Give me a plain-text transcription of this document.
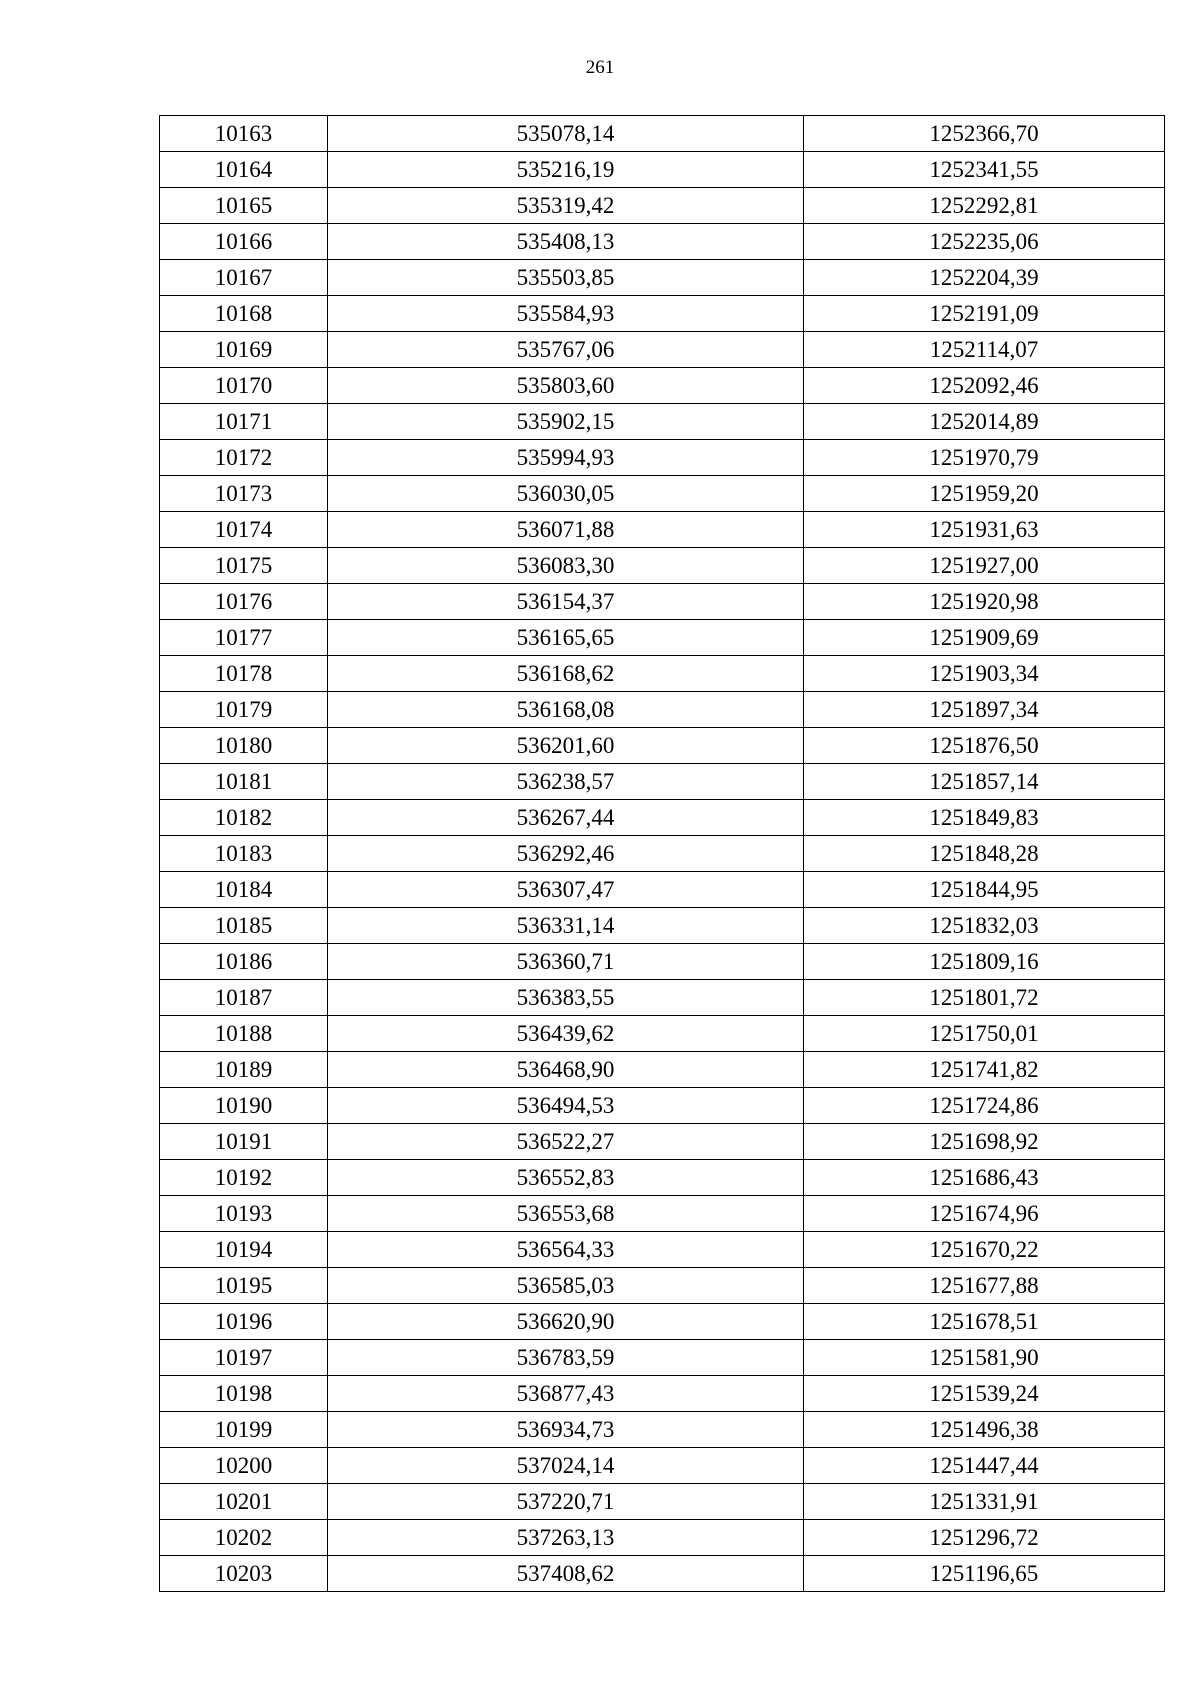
261
10163	535078,14	1252366,70
10164	535216,19	1252341,55
10165	535319,42	1252292,81
10166	535408,13	1252235,06
10167	535503,85	1252204,39
10168	535584,93	1252191,09
10169	535767,06	1252114,07
10170	535803,60	1252092,46
10171	535902,15	1252014,89
10172	535994,93	1251970,79
10173	536030,05	1251959,20
10174	536071,88	1251931,63
10175	536083,30	1251927,00
10176	536154,37	1251920,98
10177	536165,65	1251909,69
10178	536168,62	1251903,34
10179	536168,08	1251897,34
10180	536201,60	1251876,50
10181	536238,57	1251857,14
10182	536267,44	1251849,83
10183	536292,46	1251848,28
10184	536307,47	1251844,95
10185	536331,14	1251832,03
10186	536360,71	1251809,16
10187	536383,55	1251801,72
10188	536439,62	1251750,01
10189	536468,90	1251741,82
10190	536494,53	1251724,86
10191	536522,27	1251698,92
10192	536552,83	1251686,43
10193	536553,68	1251674,96
10194	536564,33	1251670,22
10195	536585,03	1251677,88
10196	536620,90	1251678,51
10197	536783,59	1251581,90
10198	536877,43	1251539,24
10199	536934,73	1251496,38
10200	537024,14	1251447,44
10201	537220,71	1251331,91
10202	537263,13	1251296,72
10203	537408,62	1251196,65
